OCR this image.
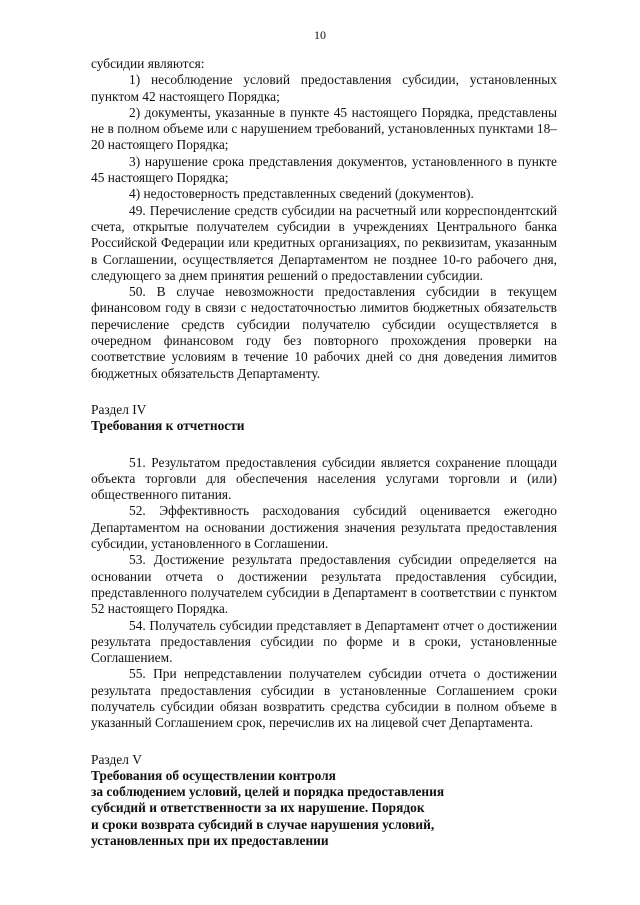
10

субсидии являются:

1) несоблюдение условий предоставления субсидии, установленных пунктом 42 настоящего Порядка;

2) документы, указанные в пункте 45 настоящего Порядка, представлены не в полном объеме или с нарушением требований, установленных пунктами 18–20 настоящего Порядка;

3) нарушение срока представления документов, установленного в пункте 45 настоящего Порядка;

4) недостоверность представленных сведений (документов).

49. Перечисление средств субсидии на расчетный или корреспондентский счета, открытые получателем субсидии в учреждениях Центрального банка Российской Федерации или кредитных организациях, по реквизитам, указанным в Соглашении, осуществляется Департаментом не позднее 10-го рабочего дня, следующего за днем принятия решений о предоставлении субсидии.

50. В случае невозможности предоставления субсидии в текущем финансовом году в связи с недостаточностью лимитов бюджетных обязательств перечисление средств субсидии получателю субсидии осуществляется в очередном финансовом году без повторного прохождения проверки на соответствие условиям в течение 10 рабочих дней со дня доведения лимитов бюджетных обязательств Департаменту.

Раздел IV

Требования к отчетности

51. Результатом предоставления субсидии является сохранение площади объекта торговли для обеспечения населения услугами торговли и (или) общественного питания.

52. Эффективность расходования субсидий оценивается ежегодно Департаментом на основании достижения значения результата предоставления субсидии, установленного в Соглашении.

53. Достижение результата предоставления субсидии определяется на основании отчета о достижении результата предоставления субсидии, представленного получателем субсидии в Департамент в соответствии с пунктом 52 настоящего Порядка.

54. Получатель субсидии представляет в Департамент отчет о достижении результата предоставления субсидии по форме и в сроки, установленные Соглашением.

55. При непредставлении получателем субсидии отчета о достижении результата предоставления субсидии в установленные Соглашением сроки получатель субсидии обязан возвратить средства субсидии в полном объеме в указанный Соглашением срок, перечислив их на лицевой счет Департамента.

Раздел V

Требования об осуществлении контроля

за соблюдением условий, целей и порядка предоставления

субсидий и ответственности за их нарушение. Порядок

и сроки возврата субсидий в случае нарушения условий,

установленных при их предоставлении
